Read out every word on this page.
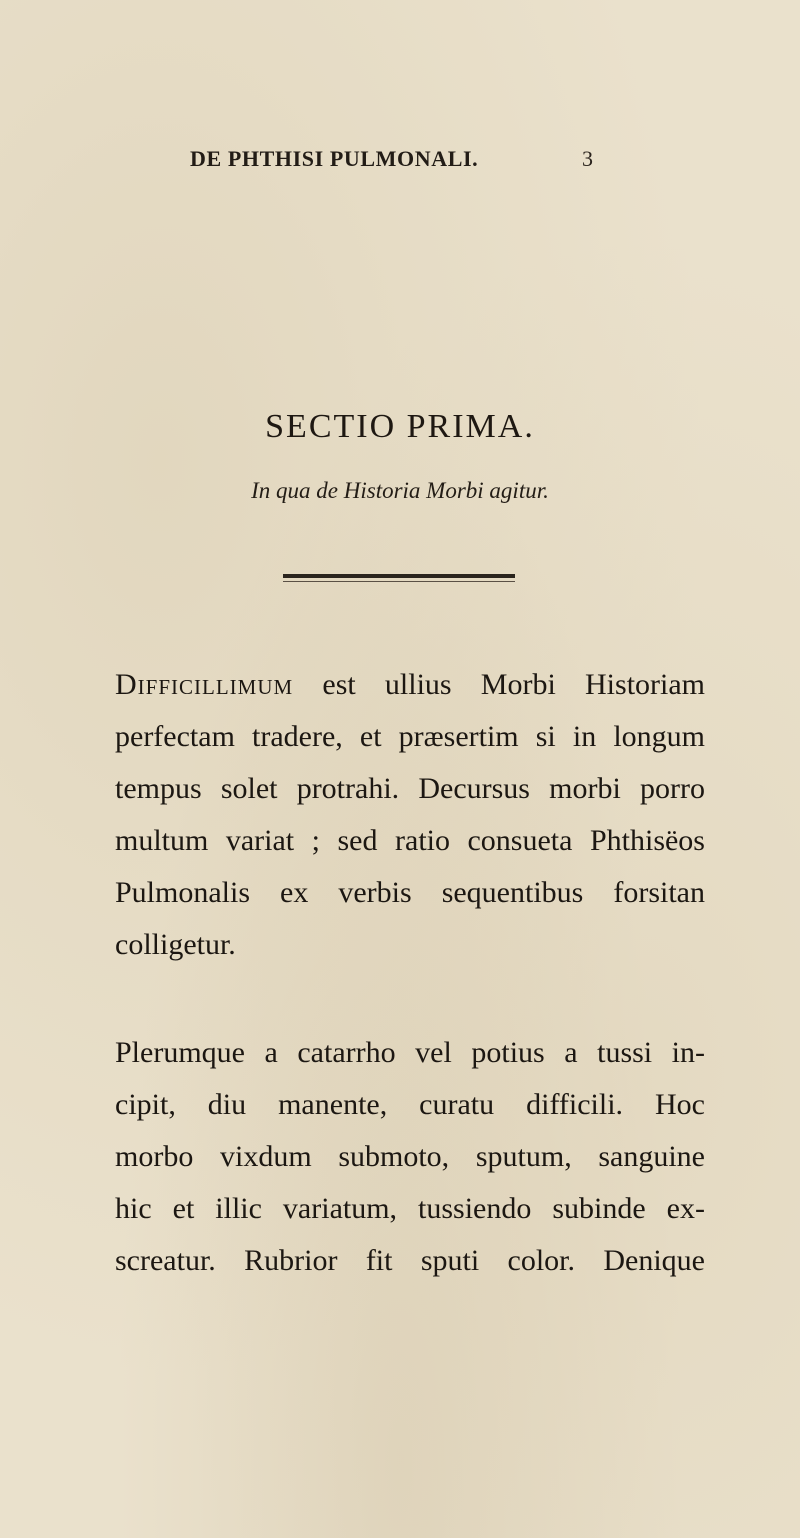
DE PHTHISI PULMONALI.	3
SECTIO PRIMA.
In qua de Historia Morbi agitur.
Difficillimum est ullius Morbi Historiam
perfectam tradere, et præsertim si in longum
tempus solet protrahi. Decursus morbi porro
multum variat ; sed ratio consueta Phthisëos
Pulmonalis ex verbis sequentibus forsitan
colligetur.
Plerumque a catarrho vel potius a tussi in-
cipit, diu manente, curatu difficili. Hoc
morbo vixdum submoto, sputum, sanguine
hic et illic variatum, tussiendo subinde ex-
screatur. Rubrior fit sputi color. Denique
